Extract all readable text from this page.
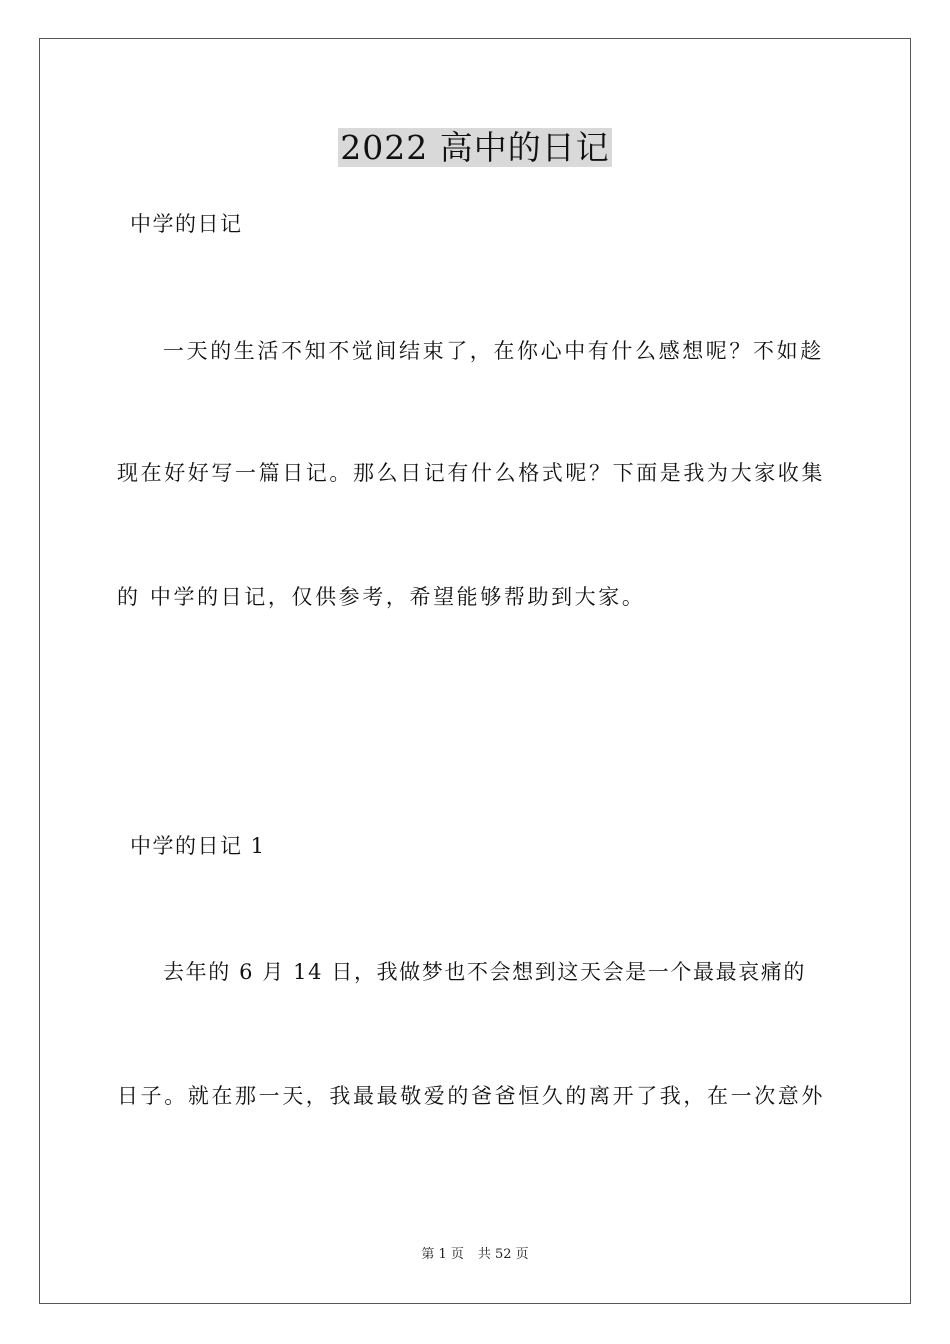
2022 高中的日记
中学的日记
一天的生活不知不觉间结束了，在你心中有什么感想呢？不如趁
现在好好写一篇日记。那么日记有什么格式呢？下面是我为大家收集
的 中学的日记，仅供参考，希望能够帮助到大家。
中学的日记 1
去年的 6 月 14 日，我做梦也不会想到这天会是一个最最哀痛的
日子。就在那一天，我最最敬爱的爸爸恒久的离开了我，在一次意外
第 1 页 共 52 页
